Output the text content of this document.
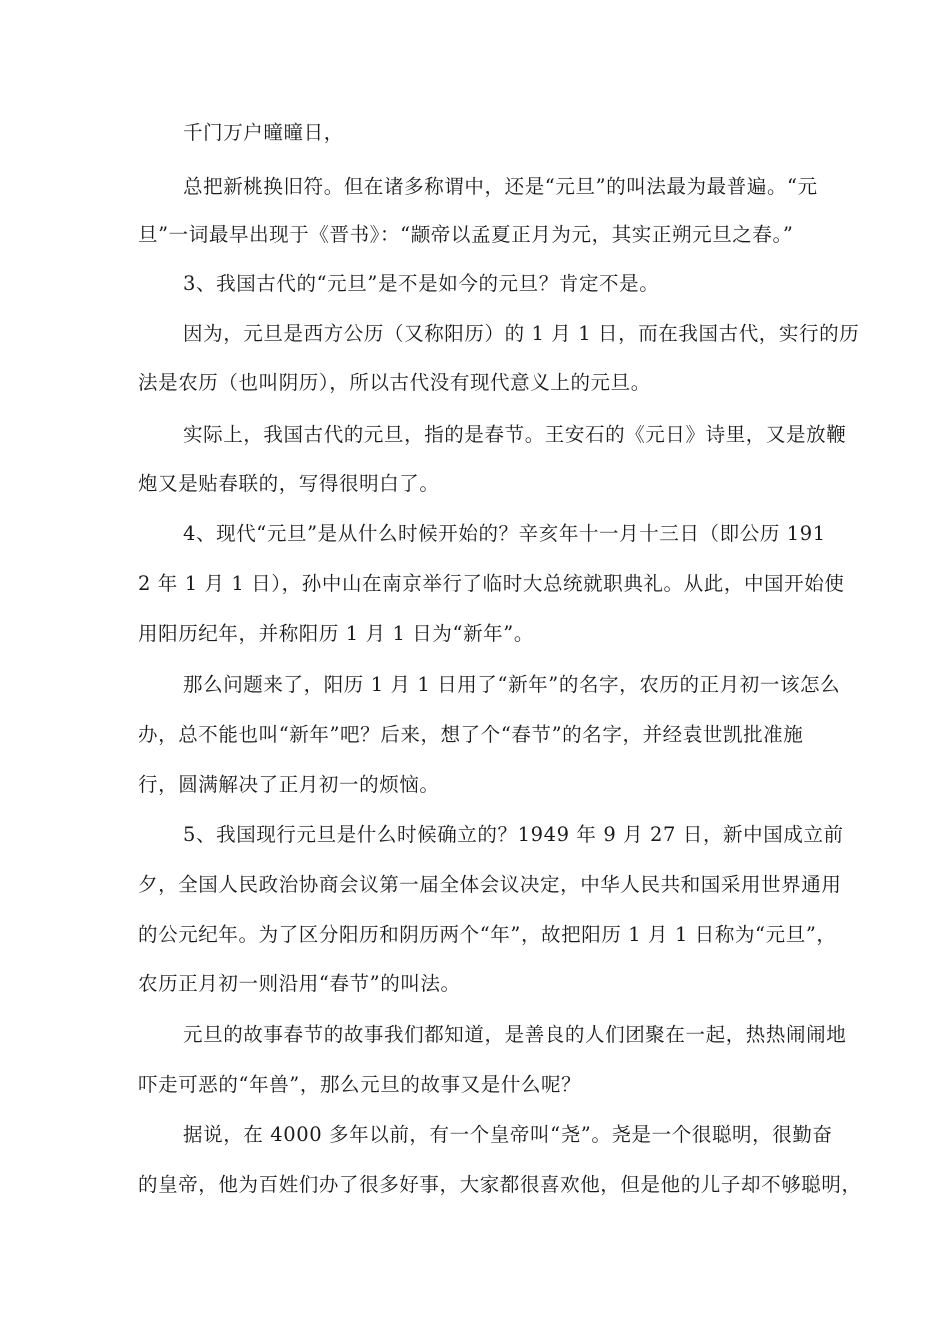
千门万户曈曈日，

总把新桃换旧符。但在诸多称谓中，还是“元旦”的叫法最为最普遍。“元

旦”一词最早出现于《晋书》：“颛帝以孟夏正月为元，其实正朔元旦之春。”

3、我国古代的“元旦”是不是如今的元旦？肯定不是。

因为，元旦是西方公历（又称阳历）的 1 月 1 日，而在我国古代，实行的历

法是农历（也叫阴历），所以古代没有现代意义上的元旦。

实际上，我国古代的元旦，指的是春节。王安石的《元日》诗里，又是放鞭

炮又是贴春联的，写得很明白了。

4、现代“元旦”是从什么时候开始的？辛亥年十一月十三日（即公历 191

2 年 1 月 1 日），孙中山在南京举行了临时大总统就职典礼。从此，中国开始使

用阳历纪年，并称阳历 1 月 1 日为“新年”。

那么问题来了，阳历 1 月 1 日用了“新年”的名字，农历的正月初一该怎么

办，总不能也叫“新年”吧？后来，想了个“春节”的名字，并经袁世凯批准施

行，圆满解决了正月初一的烦恼。

5、我国现行元旦是什么时候确立的？1949 年 9 月 27 日，新中国成立前

夕，全国人民政治协商会议第一届全体会议决定，中华人民共和国采用世界通用

的公元纪年。为了区分阳历和阴历两个“年”，故把阳历 1 月 1 日称为“元旦”，

农历正月初一则沿用“春节”的叫法。

元旦的故事春节的故事我们都知道，是善良的人们团聚在一起，热热闹闹地

吓走可恶的“年兽”，那么元旦的故事又是什么呢？

据说，在 4000 多年以前，有一个皇帝叫“尧”。尧是一个很聪明，很勤奋

的皇帝，他为百姓们办了很多好事，大家都很喜欢他，但是他的儿子却不够聪明，
